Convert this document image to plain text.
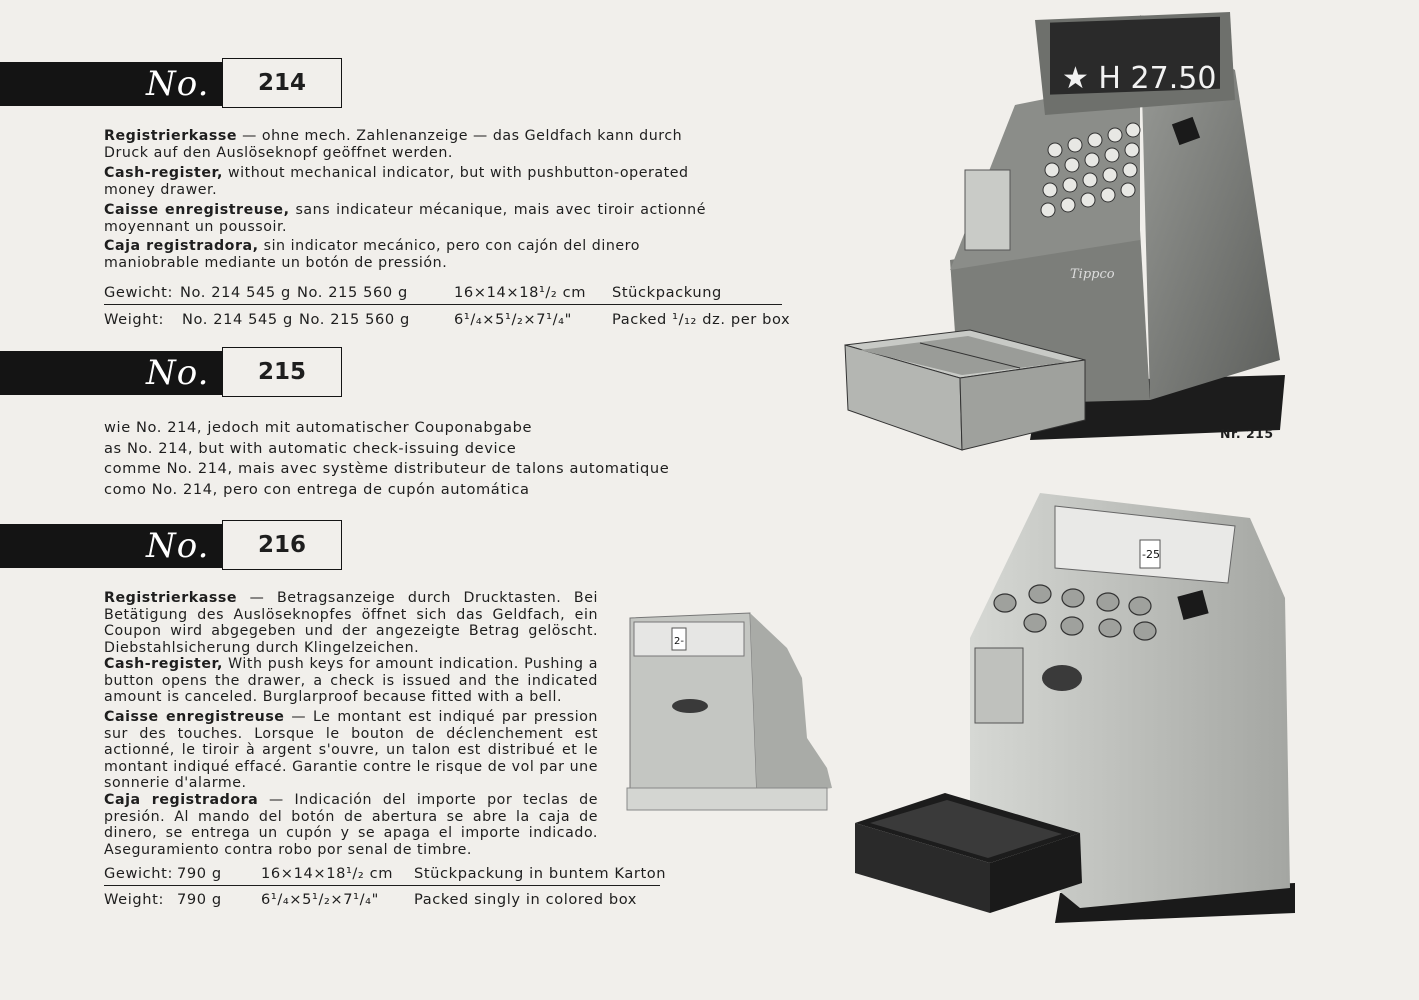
No.	214

Registrierkasse — ohne mech. Zahlenanzeige — das Geldfach kann durch Druck auf den Auslöseknopf geöffnet werden.

Cash-register, without mechanical indicator, but with pushbutton-operated money drawer.

Caisse enregistreuse, sans indicateur mécanique, mais avec tiroir actionné moyennant un poussoir.

Caja registradora, sin indicator mecánico, pero con cajón del dinero maniobrable mediante un botón de pressión.

Gewicht: No. 214 545 g No. 215 560 g	16×14×18¹/₂ cm Stückpackung
Weight: No. 214 545 g No. 215 560 g	6¹/₄×5¹/₂×7¹/₄"	Packed ¹/₁₂ dz. per box
No.	215
wie No. 214, jedoch mit automatischer Couponabgabe
as No. 214, but with automatic check-issuing device
comme No. 214, mais avec système distributeur de talons automatique
como No. 214, pero con entrega de cupón automática
No.	216

Registrierkasse — Betragsanzeige durch Drucktasten. Bei Betätigung des Auslöseknopfes öffnet sich das Geldfach, ein Coupon wird abgegeben und der angezeigte Betrag gelöscht. Diebstahlsicherung durch Klingelzeichen.

Cash-register, With push keys for amount indication. Pushing a button opens the drawer, a check is issued and the indicated amount is canceled. Burglarproof because fitted with a bell.

Caisse enregistreuse — Le montant est indiqué par pression sur des touches. Lorsque le bouton de déclenchement est actionné, le tiroir à argent s'ouvre, un talon est distribué et le montant indiqué effacé. Garantie contre le risque de vol par une sonnerie d'alarme.

Caja registradora — Indicación del importe por teclas de presión. Al mando del botón de abertura se abre la caja de dinero, se entrega un cupón y se apaga el importe indicado. Aseguramiento contra robo por senal de timbre.

Gewicht: 790 g	16×14×18¹/₂ cm Stückpackung in buntem Karton
Weight: 790 g	6¹/₄×5¹/₂×7¹/₄" Packed singly in colored box
★ H 27.50
Tippco
Nr. 215
2-
-25
